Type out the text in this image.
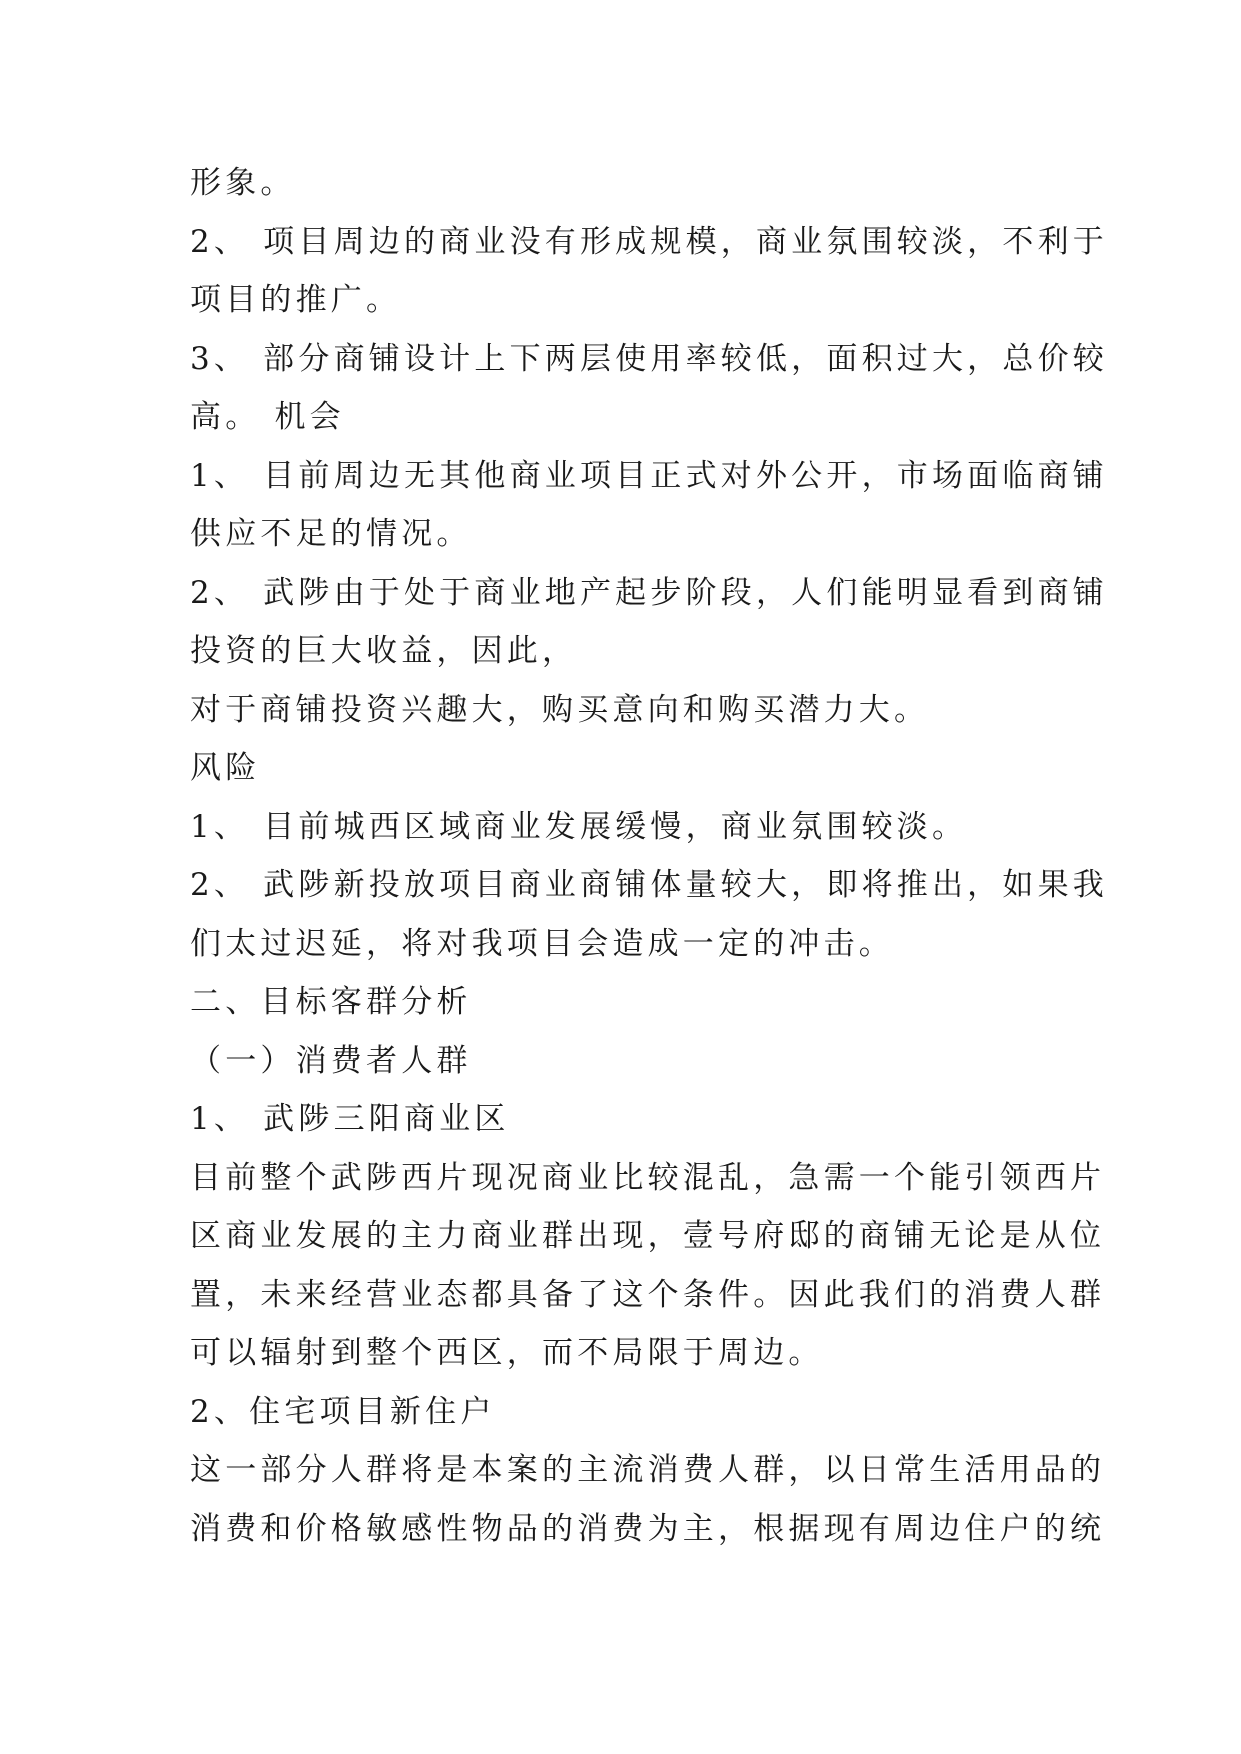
形象。
2、 项目周边的商业没有形成规模，商业氛围较淡，不利于
项目的推广。
3、 部分商铺设计上下两层使用率较低，面积过大，总价较
高。 机会
1、 目前周边无其他商业项目正式对外公开，市场面临商铺
供应不足的情况。
2、 武陟由于处于商业地产起步阶段，人们能明显看到商铺
投资的巨大收益，因此，
对于商铺投资兴趣大，购买意向和购买潜力大。
风险
1、 目前城西区域商业发展缓慢，商业氛围较淡。
2、 武陟新投放项目商业商铺体量较大，即将推出，如果我
们太过迟延，将对我项目会造成一定的冲击。
二、目标客群分析
（一）消费者人群
1、 武陟三阳商业区
目前整个武陟西片现况商业比较混乱，急需一个能引领西片
区商业发展的主力商业群出现，壹号府邸的商铺无论是从位
置，未来经营业态都具备了这个条件。因此我们的消费人群
可以辐射到整个西区，而不局限于周边。
2、住宅项目新住户
这一部分人群将是本案的主流消费人群，以日常生活用品的
消费和价格敏感性物品的消费为主，根据现有周边住户的统
